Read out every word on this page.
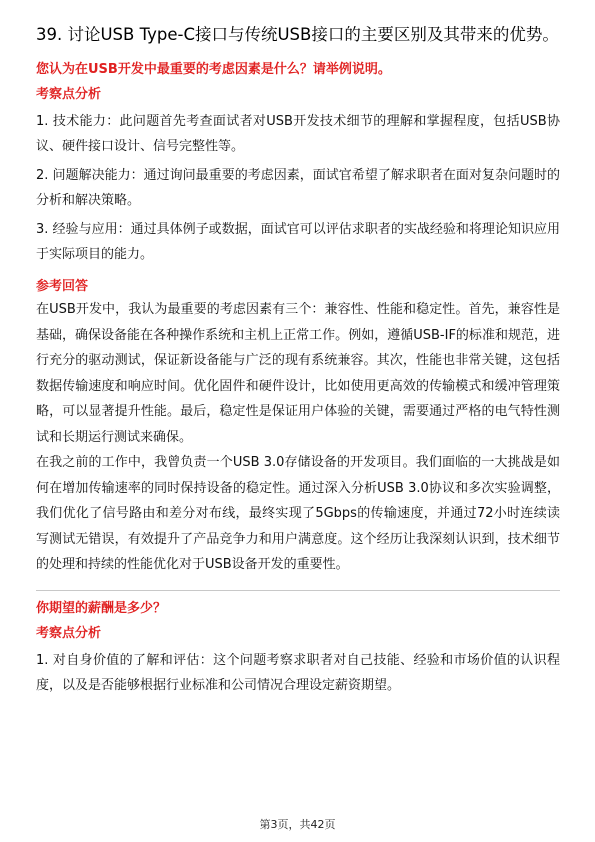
39. 讨论USB Type-C接口与传统USB接口的主要区别及其带来的优势。

您认为在USB开发中最重要的考虑因素是什么？请举例说明。

考察点分析

1. 技术能力：此问题首先考查面试者对USB开发技术细节的理解和掌握程度，包括USB协议、硬件接口设计、信号完整性等。

2. 问题解决能力：通过询问最重要的考虑因素，面试官希望了解求职者在面对复杂问题时的分析和解决策略。

3. 经验与应用：通过具体例子或数据，面试官可以评估求职者的实战经验和将理论知识应用于实际项目的能力。

参考回答

在USB开发中，我认为最重要的考虑因素有三个：兼容性、性能和稳定性。首先，兼容性是基础，确保设备能在各种操作系统和主机上正常工作。例如，遵循USB-IF的标准和规范，进行充分的驱动测试，保证新设备能与广泛的现有系统兼容。其次，性能也非常关键，这包括数据传输速度和响应时间。优化固件和硬件设计，比如使用更高效的传输模式和缓冲管理策略，可以显著提升性能。最后，稳定性是保证用户体验的关键，需要通过严格的电气特性测试和长期运行测试来确保。

在我之前的工作中，我曾负责一个USB 3.0存储设备的开发项目。我们面临的一大挑战是如何在增加传输速率的同时保持设备的稳定性。通过深入分析USB 3.0协议和多次实验调整，我们优化了信号路由和差分对布线，最终实现了5Gbps的传输速度，并通过72小时连续读写测试无错误，有效提升了产品竞争力和用户满意度。这个经历让我深刻认识到，技术细节的处理和持续的性能优化对于USB设备开发的重要性。

你期望的薪酬是多少？

考察点分析

1. 对自身价值的了解和评估：这个问题考察求职者对自己技能、经验和市场价值的认识程度，以及是否能够根据行业标准和公司情况合理设定薪资期望。

第3页，共42页
